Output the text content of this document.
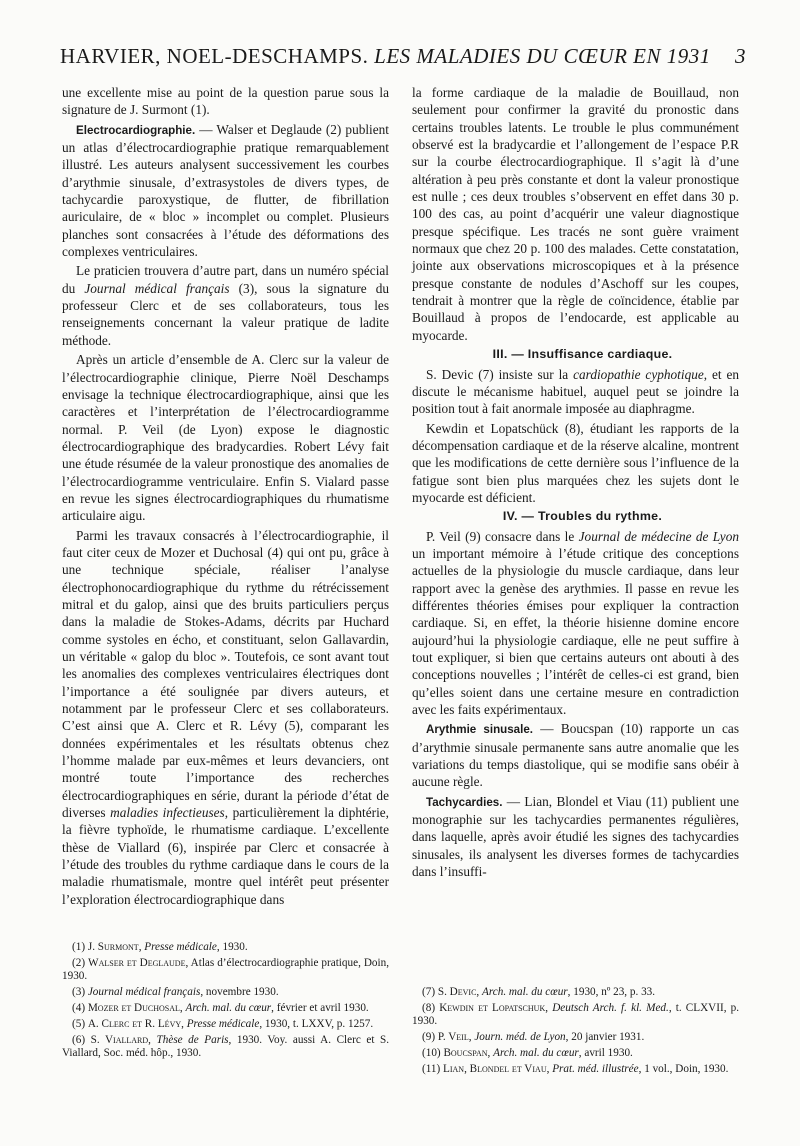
HARVIER, NOEL-DESCHAMPS. LES MALADIES DU CŒUR EN 1931 3

une excellente mise au point de la question parue sous la signature de J. Surmont (1).

Electrocardiographie. — Walser et Deglaude (2) publient un atlas d’électrocardiographie pratique remarquablement illustré. Les auteurs analysent successivement les courbes d’arythmie sinusale, d’extrasystoles de divers types, de tachycardie paroxystique, de flutter, de fibrillation auriculaire, de « bloc » incomplet ou complet. Plusieurs planches sont consacrées à l’étude des déformations des complexes ventriculaires.

Le praticien trouvera d’autre part, dans un numéro spécial du Journal médical français (3), sous la signature du professeur Clerc et de ses collaborateurs, tous les renseignements concernant la valeur pratique de ladite méthode.

Après un article d’ensemble de A. Clerc sur la valeur de l’électrocardiographie clinique, Pierre Noël Deschamps envisage la technique électrocardiographique, ainsi que les caractères et l’interprétation de l’électrocardiogramme normal. P. Veil (de Lyon) expose le diagnostic électrocardiographique des bradycardies. Robert Lévy fait une étude résumée de la valeur pronostique des anomalies de l’électrocardiogramme ventriculaire. Enfin S. Vialard passe en revue les signes électrocardiographiques du rhumatisme articulaire aigu.

Parmi les travaux consacrés à l’électrocardiographie, il faut citer ceux de Mozer et Duchosal (4) qui ont pu, grâce à une technique spéciale, réaliser l’analyse électrophonocardiographique du rythme du rétrécissement mitral et du galop, ainsi que des bruits particuliers perçus dans la maladie de Stokes-Adams, décrits par Huchard comme systoles en écho, et constituant, selon Gallavardin, un véritable « galop du bloc ». Toutefois, ce sont avant tout les anomalies des complexes ventriculaires électriques dont l’importance a été soulignée par divers auteurs, et notamment par le professeur Clerc et ses collaborateurs. C’est ainsi que A. Clerc et R. Lévy (5), comparant les données expérimentales et les résultats obtenus chez l’homme malade par eux-mêmes et leurs devanciers, ont montré toute l’importance des recherches électrocardiographiques en série, durant la période d’état de diverses maladies infectieuses, particulièrement la diphtérie, la fièvre typhoïde, le rhumatisme cardiaque. L’excellente thèse de Viallard (6), inspirée par Clerc et consacrée à l’étude des troubles du rythme cardiaque dans le cours de la maladie rhumatismale, montre quel intérêt peut présenter l’exploration électrocardiographique dans

la forme cardiaque de la maladie de Bouillaud, non seulement pour confirmer la gravité du pronostic dans certains troubles latents. Le trouble le plus communément observé est la bradycardie et l’allongement de l’espace P.R sur la courbe électrocardiographique. Il s’agit là d’une altération à peu près constante et dont la valeur pronostique est nulle ; ces deux troubles s’observent en effet dans 30 p. 100 des cas, au point d’acquérir une valeur diagnostique presque spécifique. Les tracés ne sont guère vraiment normaux que chez 20 p. 100 des malades. Cette constatation, jointe aux observations microscopiques et à la présence presque constante de nodules d’Aschoff sur les coupes, tendrait à montrer que la règle de coïncidence, établie par Bouillaud à propos de l’endocarde, est applicable au myocarde.

III. — Insuffisance cardiaque.

S. Devic (7) insiste sur la cardiopathie cyphotique, et en discute le mécanisme habituel, auquel peut se joindre la position tout à fait anormale imposée au diaphragme.

Kewdin et Lopatschück (8), étudiant les rapports de la décompensation cardiaque et de la réserve alcaline, montrent que les modifications de cette dernière sous l’influence de la fatigue sont bien plus marquées chez les sujets dont le myocarde est déficient.

IV. — Troubles du rythme.

P. Veil (9) consacre dans le Journal de médecine de Lyon un important mémoire à l’étude critique des conceptions actuelles de la physiologie du muscle cardiaque, dans leur rapport avec la genèse des arythmies. Il passe en revue les différentes théories émises pour expliquer la contraction cardiaque. Si, en effet, la théorie hisienne domine encore aujourd’hui la physiologie cardiaque, elle ne peut suffire à tout expliquer, si bien que certains auteurs ont abouti à des conceptions nouvelles ; l’intérêt de celles-ci est grand, bien qu’elles soient dans une certaine mesure en contradiction avec les faits expérimentaux.

Arythmie sinusale. — Boucspan (10) rapporte un cas d’arythmie sinusale permanente sans autre anomalie que les variations du temps diastolique, qui se modifie sans obéir à aucune règle.

Tachycardies. — Lian, Blondel et Viau (11) publient une monographie sur les tachycardies permanentes régulières, dans laquelle, après avoir étudié les signes des tachycardies sinusales, ils analysent les diverses formes de tachycardies dans l’insuffi-

(1) J. Surmont, Presse médicale, 1930.
(2) Walser et Deglaude, Atlas d’électrocardiographie pratique, Doin, 1930.
(3) Journal médical français, novembre 1930.
(4) Mozer et Duchosal, Arch. mal. du cœur, février et avril 1930.
(5) A. Clerc et R. Lévy, Presse médicale, 1930, t. LXXV, p. 1257.
(6) S. Viallard, Thèse de Paris, 1930. Voy. aussi A. Clerc et S. Viallard, Soc. méd. hôp., 1930.
(7) S. Devic, Arch. mal. du cœur, 1930, nº 23, p. 33.
(8) Kewdin et Lopatschuk, Deutsch Arch. f. kl. Med., t. CLXVII, p. 1930.
(9) P. Veil, Journ. méd. de Lyon, 20 janvier 1931.
(10) Boucspan, Arch. mal. du cœur, avril 1930.
(11) Lian, Blondel et Viau, Prat. méd. illustrée, 1 vol., Doin, 1930.
